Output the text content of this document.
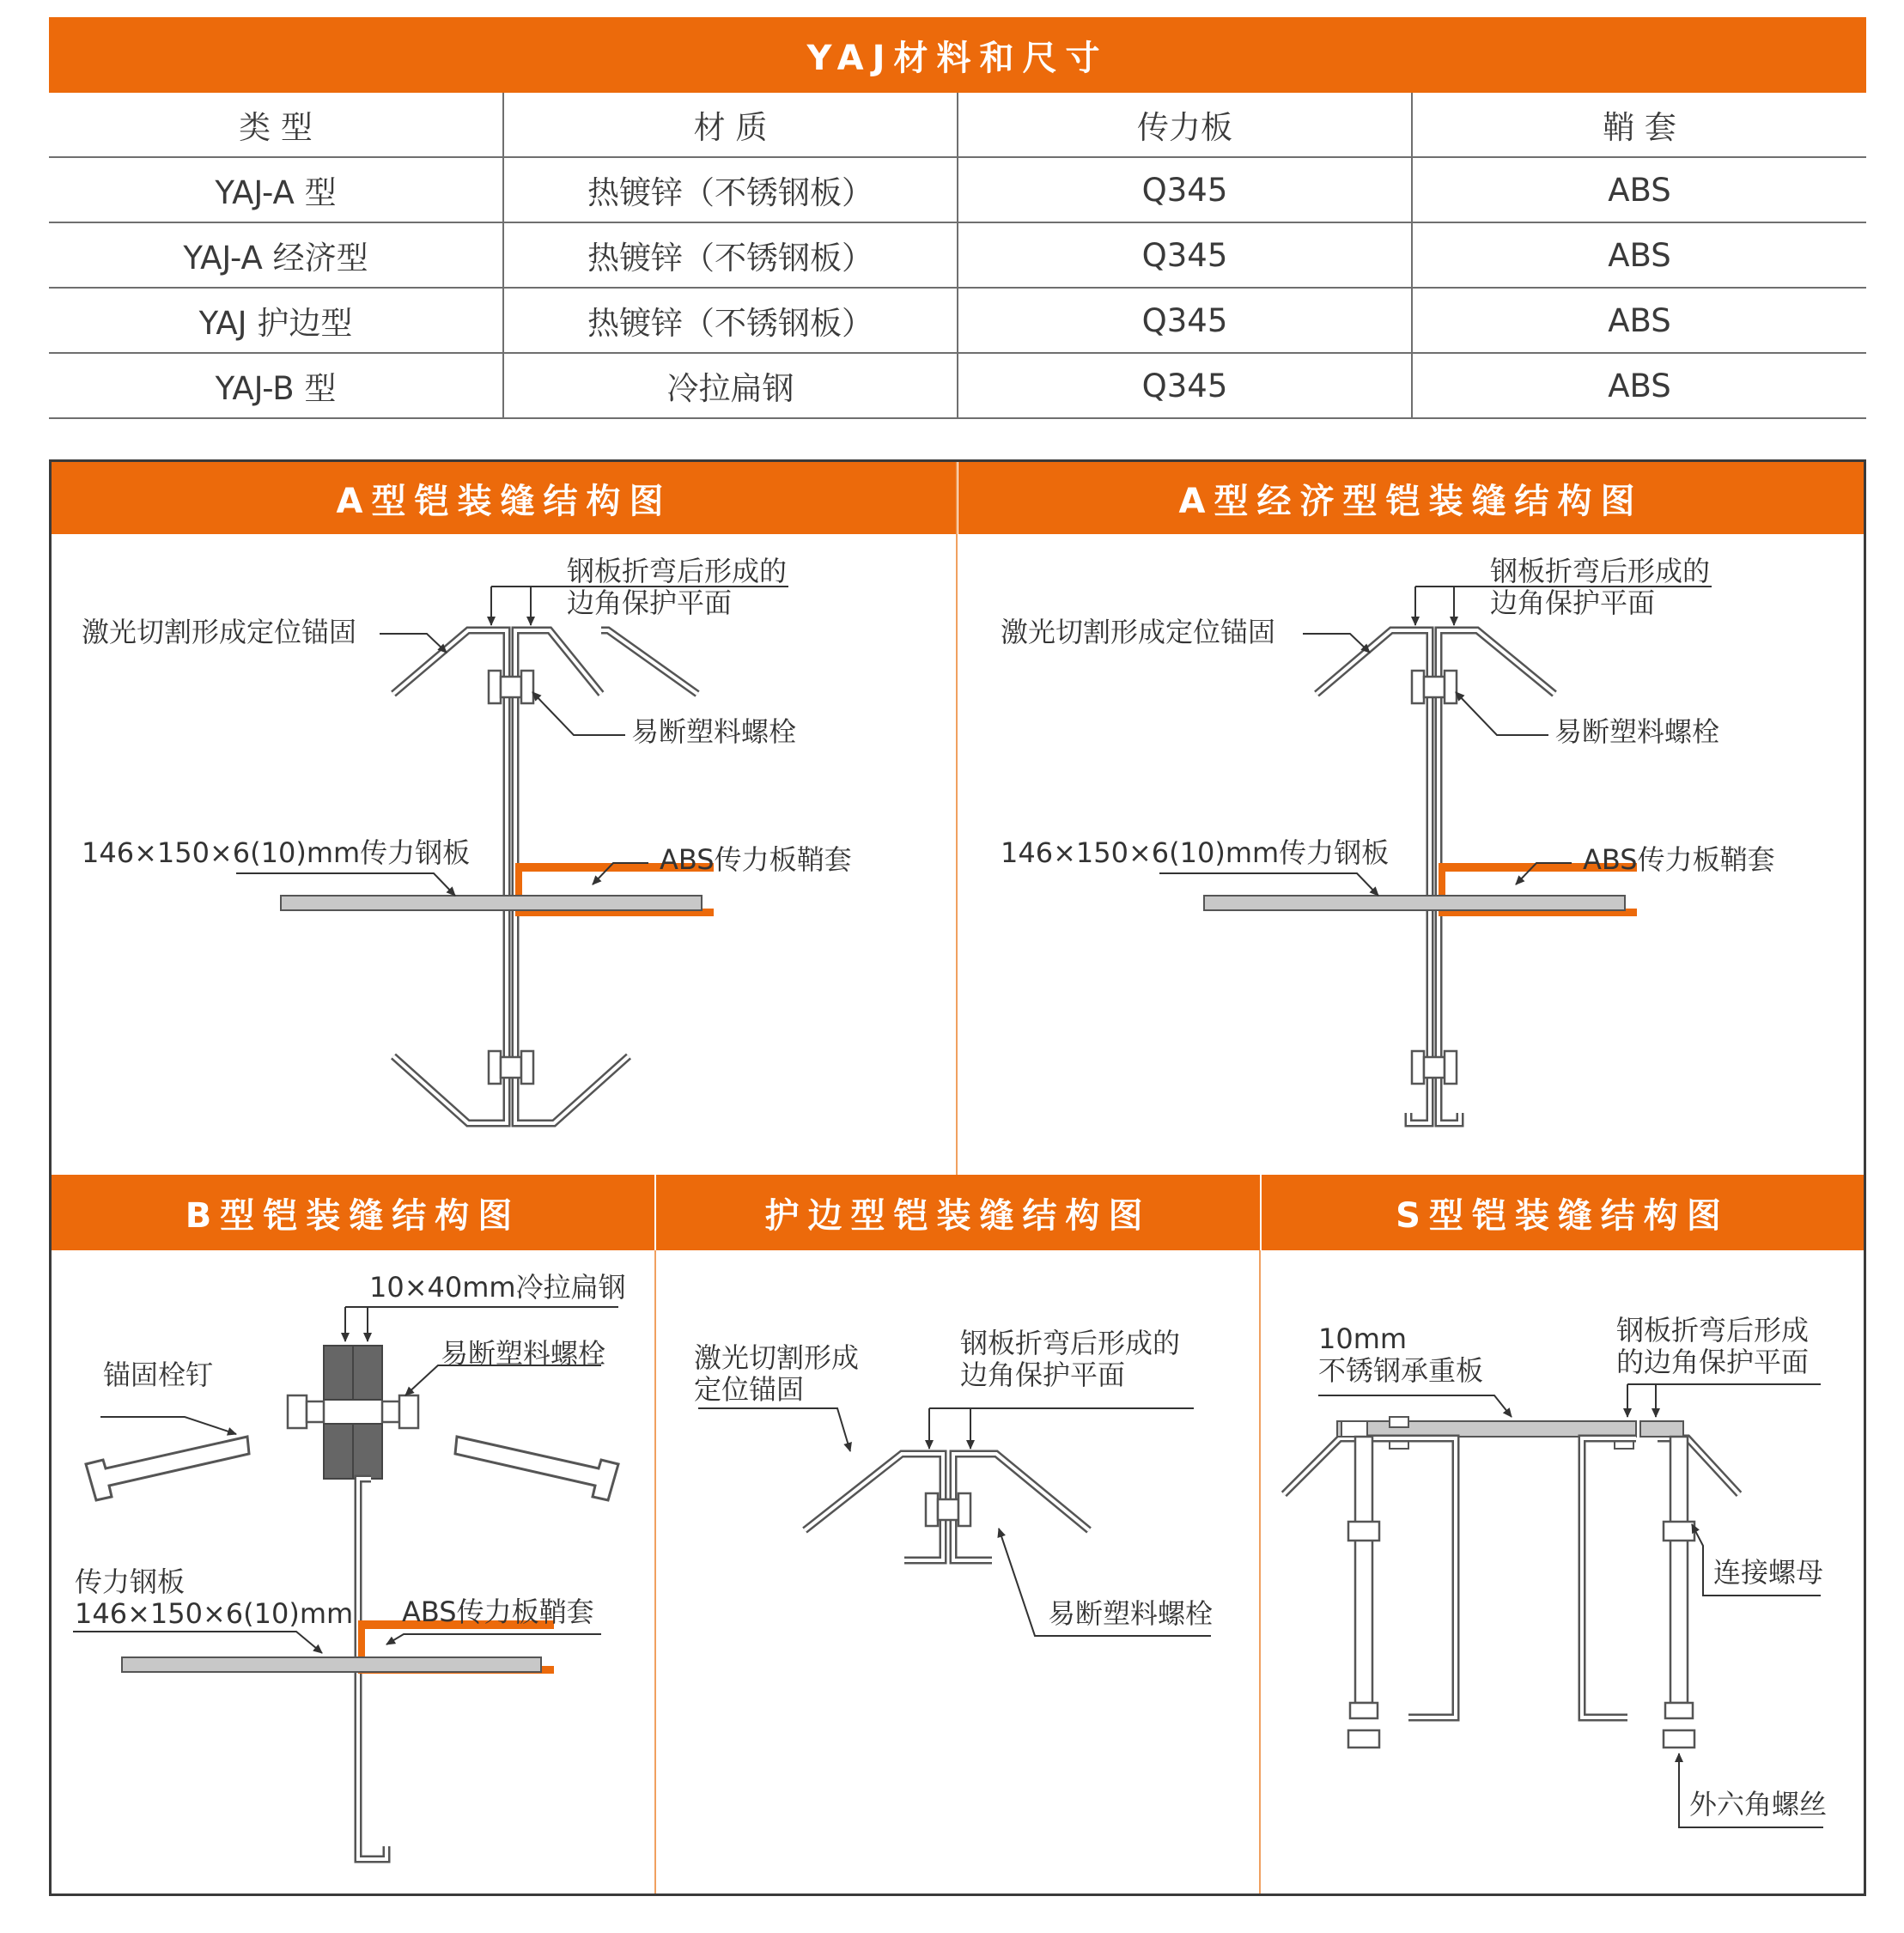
YAJ材料和尺寸
类 型	材 质	传力板	鞘 套
YAJ-A 型	热镀锌（不锈钢板）	Q345	ABS
YAJ-A 经济型	热镀锌（不锈钢板）	Q345	ABS
YAJ 护边型	热镀锌（不锈钢板）	Q345	ABS
YAJ-B 型	冷拉扁钢	Q345	ABS
A型铠装缝结构图	A型经济型铠装缝结构图
B型铠装缝结构图	护边型铠装缝结构图	S型铠装缝结构图
钢板折弯后形成的
边角保护平面
激光切割形成定位锚固
易断塑料螺栓
146×150×6(10)mm传力钢板	ABS传力板鞘套
钢板折弯后形成的
边角保护平面
激光切割形成定位锚固
易断塑料螺栓
146×150×6(10)mm传力钢板	ABS传力板鞘套
10×40mm冷拉扁钢
易断塑料螺栓
锚固栓钉
传力钢板
146×150×6(10)mm ABS传力板鞘套
钢板折弯后形成的
边角保护平面
激光切割形成
定位锚固
易断塑料螺栓
10mm
不锈钢承重板
钢板折弯后形成
的边角保护平面
连接螺母
外六角螺丝
